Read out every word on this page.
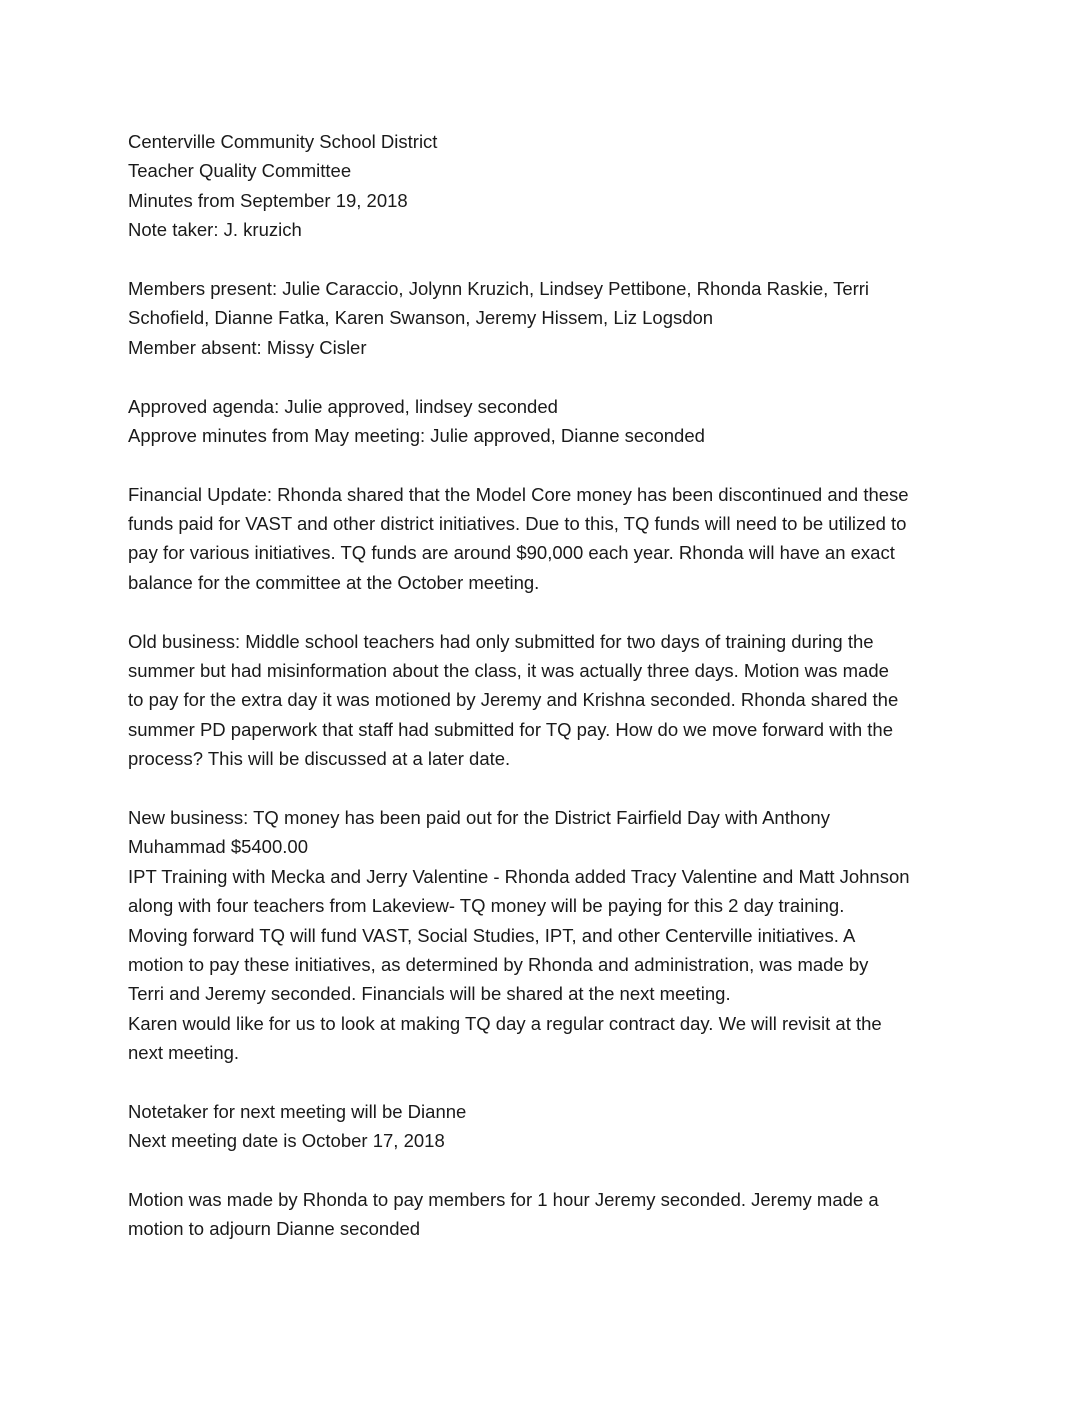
Centerville Community School District
Teacher Quality Committee
Minutes from September 19, 2018
Note taker: J. kruzich
Members present: Julie Caraccio, Jolynn Kruzich, Lindsey Pettibone, Rhonda Raskie, Terri
Schofield, Dianne Fatka, Karen Swanson, Jeremy Hissem, Liz Logsdon
Member absent: Missy Cisler
Approved agenda: Julie approved, lindsey seconded
Approve minutes from May meeting: Julie approved, Dianne seconded
Financial Update: Rhonda shared that the Model Core money has been discontinued and these
funds paid for VAST and other district initiatives. Due to this, TQ funds will need to be utilized to
pay for various initiatives. TQ funds are around $90,000 each year. Rhonda will have an exact
balance for the committee at the October meeting.
Old business: Middle school teachers had only submitted for two days of training during the
summer but had misinformation about the class, it was actually three days. Motion was made
to pay for the extra day it was motioned by Jeremy and Krishna seconded. Rhonda shared the
summer PD paperwork that staff had submitted for TQ pay. How do we move forward with the
process? This will be discussed at a later date.
New business: TQ money has been paid out for the District Fairfield Day with Anthony
Muhammad $5400.00
IPT Training with Mecka and Jerry Valentine - Rhonda added Tracy Valentine and Matt Johnson
along with four teachers from Lakeview- TQ money will be paying for this 2 day training.
Moving forward TQ will fund VAST, Social Studies, IPT, and other Centerville initiatives. A
motion to pay these initiatives, as determined by Rhonda and administration, was made by
Terri and Jeremy seconded. Financials will be shared at the next meeting.
Karen would like for us to look at making TQ day a regular contract day. We will revisit at the
next meeting.
Notetaker for next meeting will be Dianne
Next meeting date is October 17, 2018
Motion was made by Rhonda to pay members for 1 hour Jeremy seconded. Jeremy made a
motion to adjourn Dianne seconded
